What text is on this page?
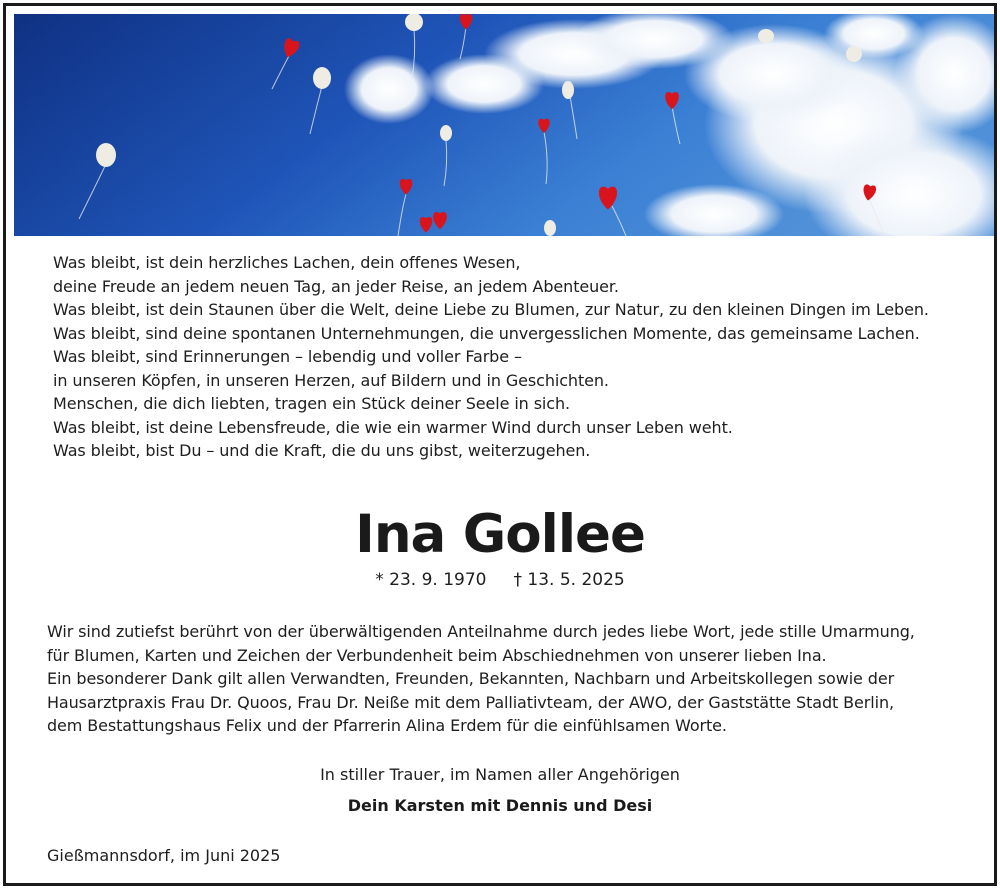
Was bleibt, ist dein herzliches Lachen, dein offenes Wesen,
deine Freude an jedem neuen Tag, an jeder Reise, an jedem Abenteuer.
Was bleibt, ist dein Staunen über die Welt, deine Liebe zu Blumen, zur Natur, zu den kleinen Dingen im Leben.
Was bleibt, sind deine spontanen Unternehmungen, die unvergesslichen Momente, das gemeinsame Lachen.
Was bleibt, sind Erinnerungen – lebendig und voller Farbe –
in unseren Köpfen, in unseren Herzen, auf Bildern und in Geschichten.
Menschen, die dich liebten, tragen ein Stück deiner Seele in sich.
Was bleibt, ist deine Lebensfreude, die wie ein warmer Wind durch unser Leben weht.
Was bleibt, bist Du – und die Kraft, die du uns gibst, weiterzugehen.
Ina Gollee
* 23. 9. 1970     † 13. 5. 2025
Wir sind zutiefst berührt von der überwältigenden Anteilnahme durch jedes liebe Wort, jede stille Umarmung,
für Blumen, Karten und Zeichen der Verbundenheit beim Abschiednehmen von unserer lieben Ina.
Ein besonderer Dank gilt allen Verwandten, Freunden, Bekannten, Nachbarn und Arbeitskollegen sowie der
Hausarztpraxis Frau Dr. Quoos, Frau Dr. Neiße mit dem Palliativteam, der AWO, der Gaststätte Stadt Berlin,
dem Bestattungshaus Felix und der Pfarrerin Alina Erdem für die einfühlsamen Worte.
In stiller Trauer, im Namen aller Angehörigen
Dein Karsten mit Dennis und Desi
Gießmannsdorf, im Juni 2025
